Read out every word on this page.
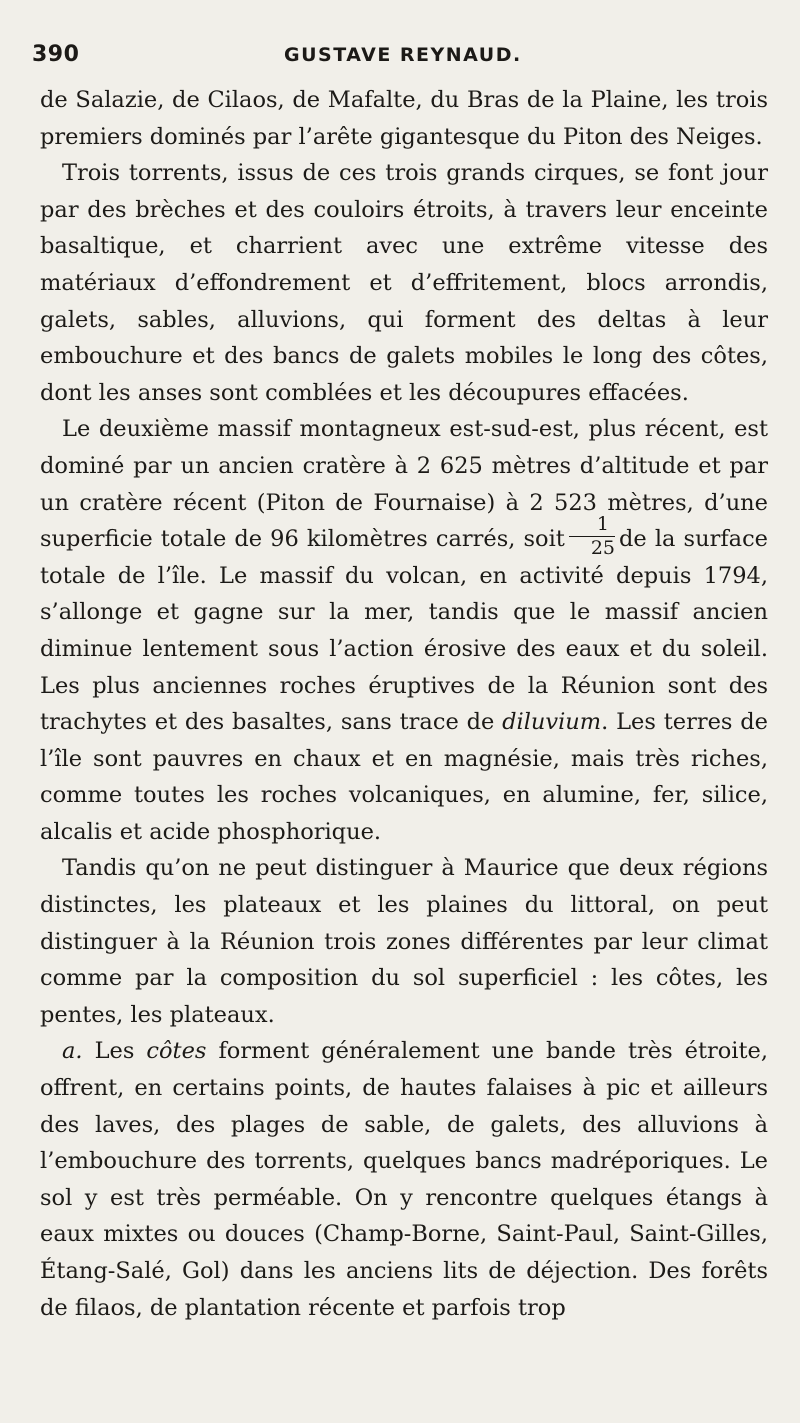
390	GUSTAVE REYNAUD.

de Salazie, de Cilaos, de Mafalte, du Bras de la Plaine, les trois premiers dominés par l’arête gigantesque du Piton des Neiges.

Trois torrents, issus de ces trois grands cirques, se font jour par des brèches et des couloirs étroits, à travers leur enceinte basaltique, et charrient avec une extrême vitesse des matériaux d’effondrement et d’effritement, blocs arrondis, galets, sables, alluvions, qui forment des deltas à leur embouchure et des bancs de galets mobiles le long des côtes, dont les anses sont comblées et les découpures effacées.

Le deuxième massif montagneux est-sud-est, plus récent, est dominé par un ancien cratère à 2 625 mètres d’altitude et par un cratère récent (Piton de Fournaise) à 2 523 mètres, d’une superficie totale de 96 kilomètres carrés, soit $\frac{1}{25}$ de la surface totale de l’île. Le massif du volcan, en activité depuis 1794, s’allonge et gagne sur la mer, tandis que le massif ancien diminue lentement sous l’action érosive des eaux et du soleil. Les plus anciennes roches éruptives de la Réunion sont des trachytes et des basaltes, sans trace de diluvium. Les terres de l’île sont pauvres en chaux et en magnésie, mais très riches, comme toutes les roches volcaniques, en alumine, fer, silice, alcalis et acide phosphorique.

Tandis qu’on ne peut distinguer à Maurice que deux régions distinctes, les plateaux et les plaines du littoral, on peut distinguer à la Réunion trois zones différentes par leur climat comme par la composition du sol superficiel : les côtes, les pentes, les plateaux.

a. Les côtes forment généralement une bande très étroite, offrent, en certains points, de hautes falaises à pic et ailleurs des laves, des plages de sable, de galets, des alluvions à l’embouchure des torrents, quelques bancs madréporiques. Le sol y est très perméable. On y rencontre quelques étangs à eaux mixtes ou douces (Champ-Borne, Saint-Paul, Saint-Gilles, Étang-Salé, Gol) dans les anciens lits de déjection. Des forêts de filaos, de plantation récente et parfois trop
